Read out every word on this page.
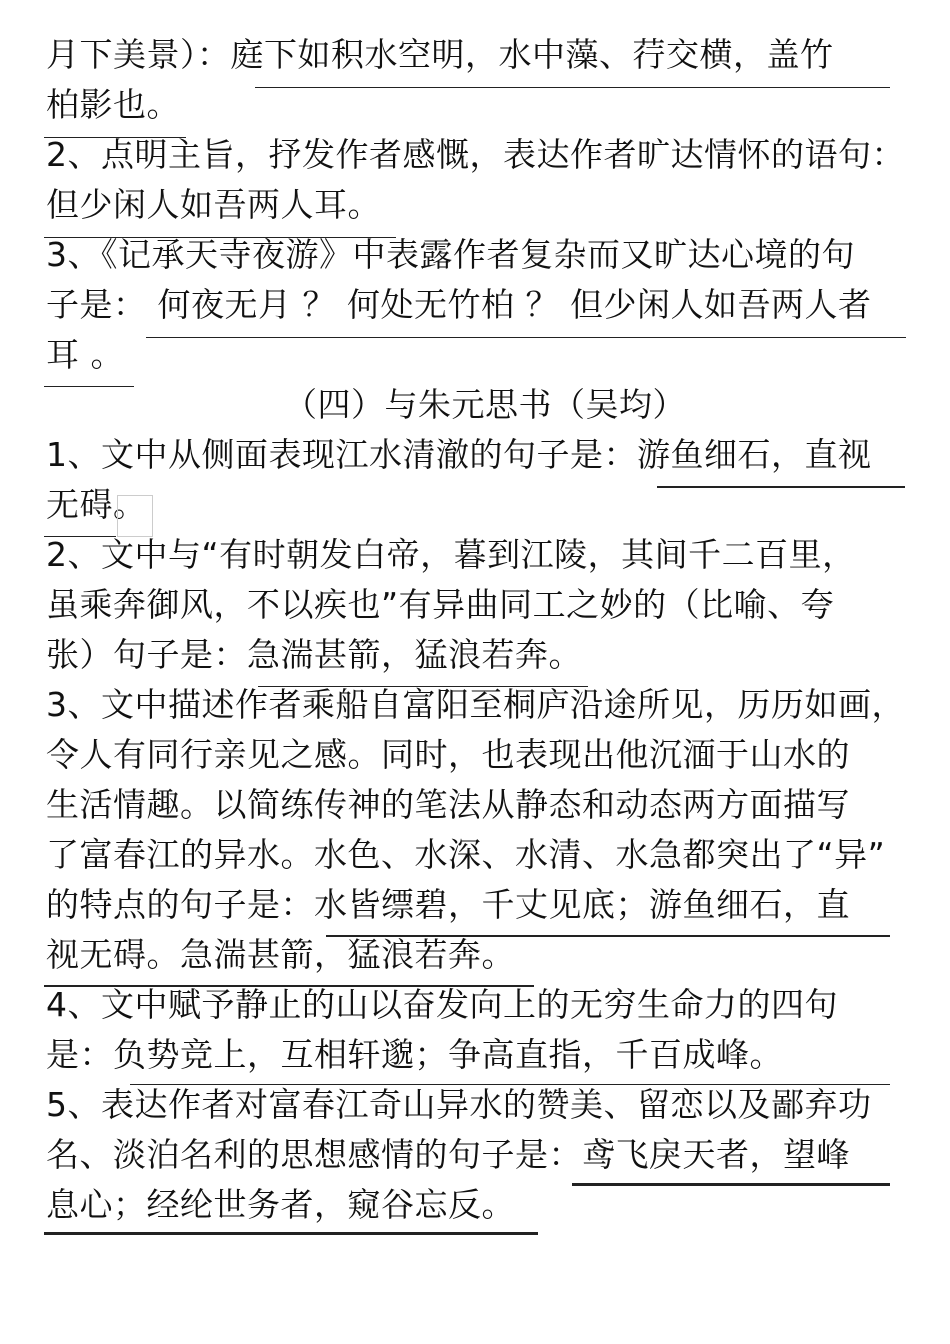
月下美景）：庭下如积水空明，水中藻、荇交横，盖竹
柏影也。
2、点明主旨，抒发作者感慨，表达作者旷达情怀的语句：
但少闲人如吾两人耳。
3、《记承天寺夜游》中表露作者复杂而又旷达心境的句
子是： 何夜无月 ？ 何处无竹柏 ？ 但少闲人如吾两人者
耳 。
（四）与朱元思书（吴均）
1、文中从侧面表现江水清澈的句子是：游鱼细石，直视
无碍。
2、文中与“有时朝发白帝，暮到江陵，其间千二百里，
虽乘奔御风，不以疾也”有异曲同工之妙的（比喻、夸
张）句子是：急湍甚箭，猛浪若奔。
3、文中描述作者乘船自富阳至桐庐沿途所见，历历如画，
令人有同行亲见之感。同时，也表现出他沉湎于山水的
生活情趣。以简练传神的笔法从静态和动态两方面描写
了富春江的异水。水色、水深、水清、水急都突出了“异”
的特点的句子是：水皆缥碧，千丈见底；游鱼细石，直
视无碍。急湍甚箭，猛浪若奔。
4、文中赋予静止的山以奋发向上的无穷生命力的四句
是：负势竞上，互相轩邈；争高直指，千百成峰。
5、表达作者对富春江奇山异水的赞美、留恋以及鄙弃功
名、淡泊名利的思想感情的句子是：鸢飞戾天者，望峰
息心；经纶世务者，窥谷忘反。
